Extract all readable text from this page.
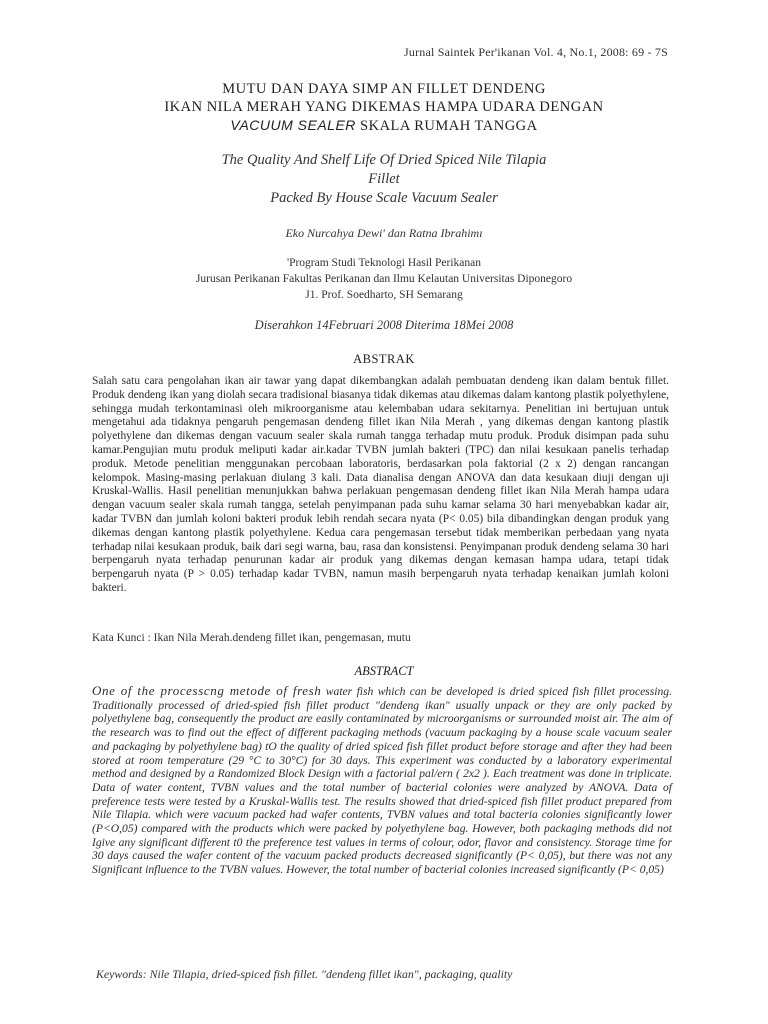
Jurnal Saintek Per'ikanan Vol. 4, No.1, 2008: 69 - 7S
MUTU DAN DAYA SIMP AN FILLET DENDENG
IKAN NILA MERAH YANG DIKEMAS HAMPA UDARA DENGAN
VACUUM SEALER SKALA RUMAH TANGGA
The Quality And Shelf Life Of Dried Spiced Nile Tilapia
Fillet
Packed By House Scale Vacuum Sealer
Eko Nurcahya Dewi' dan Ratna Ibrahimı
'Program Studi Teknologi Hasil Perikanan
Jurusan Perikanan Fakultas Perikanan dan Ilmu Kelautan Universitas Diponegoro
J1. Prof. Soedharto, SH Semarang
Diserahkon 14Februari 2008 Diterima 18Mei 2008
ABSTRAK
Salah satu cara pengolahan ikan air tawar yang dapat dikembangkan adalah pembuatan dendeng ikan dalam bentuk fillet. Produk dendeng ikan yang diolah secara tradisional biasanya tidak dikemas atau dikemas dalam kantong plastik polyethylene, sehingga mudah terkontaminasi oleh mikroorganisme atau kelembaban udara sekitarnya. Penelitian ini bertujuan untuk mengetahui ada tidaknya pengaruh pengemasan dendeng fillet ikan Nila Merah , yang dikemas dengan kantong plastik polyethylene dan dikemas dengan vacuum sealer skala rumah tangga terhadap mutu produk. Produk disimpan pada suhu kamar.Pengujian mutu produk meliputi kadar air.kadar TVBN jumlah bakteri (TPC) dan nilai kesukaan panelis terhadap produk. Metode penelitian menggunakan percobaan laboratoris, berdasarkan pola faktorial (2 x 2) dengan rancangan kelompok. Masing-masing perlakuan diulang 3 kali. Data dianalisa dengan ANOVA dan data kesukaan diuji dengan uji Kruskal-Wallis. Hasil penelitian menunjukkan bahwa perlakuan pengemasan dendeng fillet ikan Nila Merah hampa udara dengan vacuum sealer skala rumah tangga, setelah penyimpanan pada suhu kamar selama 30 hari menyebabkan kadar air, kadar TVBN dan jumlah koloni bakteri produk lebih rendah secara nyata (P< 0.05) bila dibandingkan dengan produk yang dikemas dengan kantong plastik polyethylene. Kedua cara pengemasan tersebut tidak memberikan perbedaan yang nyata terhadap nilai kesukaan produk, baik dari segi warna, bau, rasa dan konsistensi. Penyimpanan produk dendeng selama 30 hari berpengaruh nyata terhadap penurunan kadar air produk yang dikemas dengan kemasan hampa udara, tetapi tidak berpengaruh nyata (P > 0.05) terhadap kadar TVBN, namun masih berpengaruh nyata terhadap kenaikan jumlah koloni bakteri.
Kata Kunci : Ikan Nila Merah.dendeng fillet ikan, pengemasan, mutu
ABSTRACT
One of the processcng metode of fresh water fish which can be developed is dried spiced fish fillet processing. Traditionally processed of dried-spied fish fillet product "dendeng ikan" usually unpack or they are only packed by polyethylene bag, consequently the product are easily contaminated by microorganisms or surrounded moist air. The aim of the research was to find out the effect of different packaging methods (vacuum packaging by a house scale vacuum sealer and packaging by polyethylene bag) tO the quality of dried spiced fish fillet product before storage and after they had been stored at room temperature (29 °C to 30°C) for 30 days. This experiment was conducted by a laboratory experimental method and designed by a Randomized Block Design with a factorial pal/ern ( 2x2 ). Each treatment was done in triplicate. Data of water content, TVBN values and the total number of bacterial colonies were analyzed by ANOVA. Data of preference tests were tested by a Kruskal-Wallis test. The results showed that dried-spiced fish fillet product prepared from Nile Tilapia. which were vacuum packed had wafer contents, TVBN values and total bacteria colonies significantly lower (P<O,05) compared with the products which were packed by polyethylene bag. However, both packaging methods did not Igive any significant different t0 the preference test values in terms of colour, odor, flavor and consistency. Storage time for 30 days caused the wafer content of the vacuum packed products decreased significantly (P< 0,05), but there was not any Significant influence to the TVBN values. However, the total number of bacterial colonies increased significantly (P< 0,05)
Keywords: Nile Tilapia, dried-spiced fish fillet. "dendeng fillet ikan", packaging, quality
